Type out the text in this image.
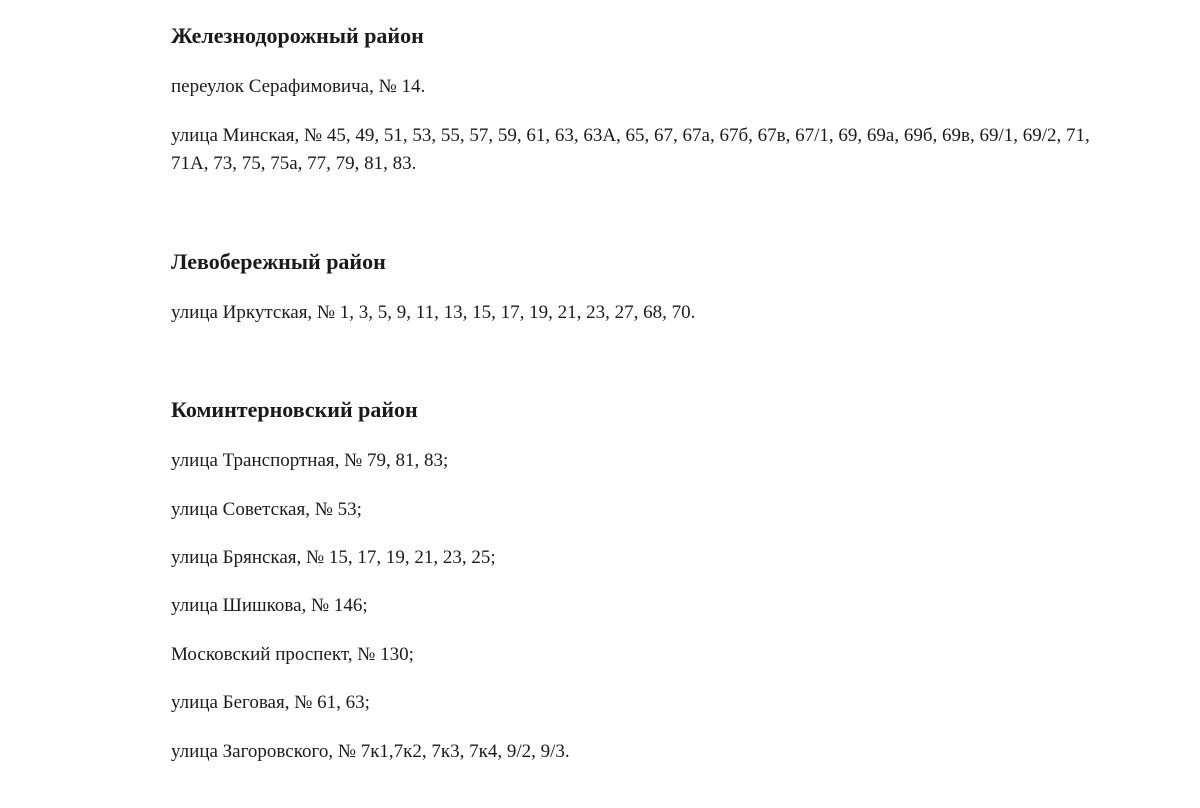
Железнодорожный район

переулок Серафимовича, № 14.

улица Минская, № 45, 49, 51, 53, 55, 57, 59, 61, 63, 63А, 65, 67, 67а, 67б, 67в, 67/1, 69, 69а, 69б, 69в, 69/1, 69/2, 71, 71А, 73, 75, 75а, 77, 79, 81, 83.

Левобережный район

улица Иркутская, № 1, 3, 5, 9, 11, 13, 15, 17, 19, 21, 23, 27, 68, 70.

Коминтерновский район

улица Транспортная, № 79, 81, 83;

улица Советская, № 53;

улица Брянская, № 15, 17, 19, 21, 23, 25;

улица Шишкова, № 146;

Московский проспект, № 130;

улица Беговая, № 61, 63;

улица Загоровского, № 7к1,7к2, 7к3, 7к4, 9/2, 9/3.
